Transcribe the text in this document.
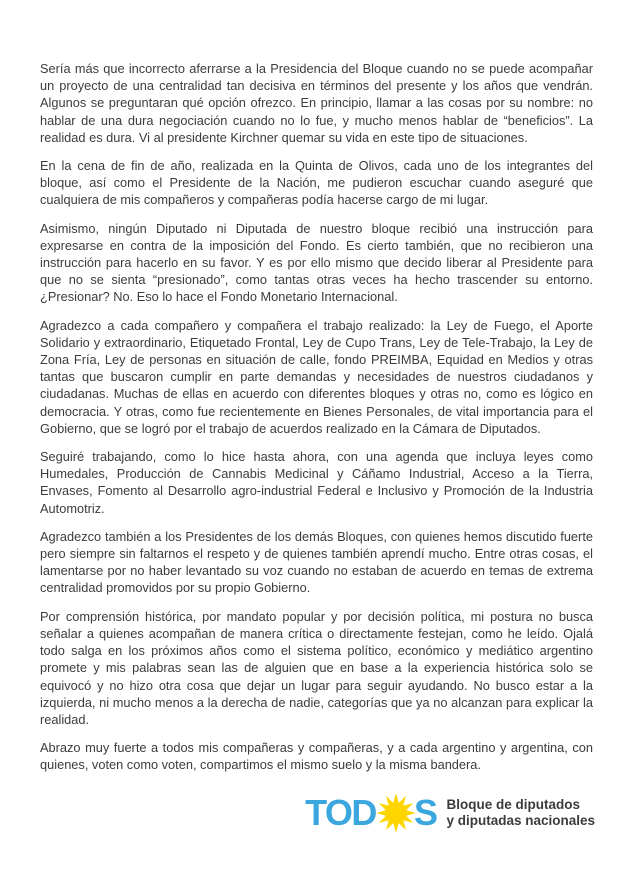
Sería más que incorrecto aferrarse a la Presidencia del Bloque cuando no se puede acompañar un proyecto de una centralidad tan decisiva en términos del presente y los años que vendrán. Algunos se preguntaran qué opción ofrezco. En principio, llamar a las cosas por su nombre: no hablar de una dura negociación cuando no lo fue, y mucho menos hablar de “beneficios”. La realidad es dura. Vi al presidente Kirchner quemar su vida en este tipo de situaciones.

En la cena de fin de año, realizada en la Quinta de Olivos, cada uno de los integrantes del bloque, así como el Presidente de la Nación, me pudieron escuchar cuando aseguré que cualquiera de mis compañeros y compañeras podía hacerse cargo de mi lugar.

Asimismo, ningún Diputado ni Diputada de nuestro bloque recibió una instrucción para expresarse en contra de la imposición del Fondo. Es cierto también, que no recibieron una instrucción para hacerlo en su favor. Y es por ello mismo que decido liberar al Presidente para que no se sienta “presionado”, como tantas otras veces ha hecho trascender su entorno. ¿Presionar? No. Eso lo hace el Fondo Monetario Internacional.

Agradezco a cada compañero y compañera el trabajo realizado: la Ley de Fuego, el Aporte Solidario y extraordinario, Etiquetado Frontal, Ley de Cupo Trans, Ley de Tele-Trabajo, la Ley de Zona Fría, Ley de personas en situación de calle, fondo PREIMBA, Equidad en Medios y otras tantas que buscaron cumplir en parte demandas y necesidades de nuestros ciudadanos y ciudadanas. Muchas de ellas en acuerdo con diferentes bloques y otras no, como es lógico en democracia. Y otras, como fue recientemente en Bienes Personales, de vital importancia para el Gobierno, que se logró por el trabajo de acuerdos realizado en la Cámara de Diputados.

Seguiré trabajando, como lo hice hasta ahora, con una agenda que incluya leyes como Humedales, Producción de Cannabis Medicinal y Cáñamo Industrial, Acceso a la Tierra, Envases, Fomento al Desarrollo agro-industrial Federal e Inclusivo y Promoción de la Industria Automotriz.

Agradezco también a los Presidentes de los demás Bloques, con quienes hemos discutido fuerte pero siempre sin faltarnos el respeto y de quienes también aprendí mucho. Entre otras cosas, el lamentarse por no haber levantado su voz cuando no estaban de acuerdo en temas de extrema centralidad promovidos por su propio Gobierno.

Por comprensión histórica, por mandato popular y por decisión política, mi postura no busca señalar a quienes acompañan de manera crítica o directamente festejan, como he leído. Ojalá todo salga en los próximos años como el sistema político, económico y mediático argentino promete y mis palabras sean las de alguien que en base a la experiencia histórica solo se equivocó y no hizo otra cosa que dejar un lugar para seguir ayudando. No busco estar a la izquierda, ni mucho menos a la derecha de nadie, categorías que ya no alcanzan para explicar la realidad.

Abrazo muy fuerte a todos mis compañeras y compañeras, y a cada argentino y argentina, con quienes, voten como voten, compartimos el mismo suelo y la misma bandera.

TOD S Bloque de diputados
y diputadas nacionales
